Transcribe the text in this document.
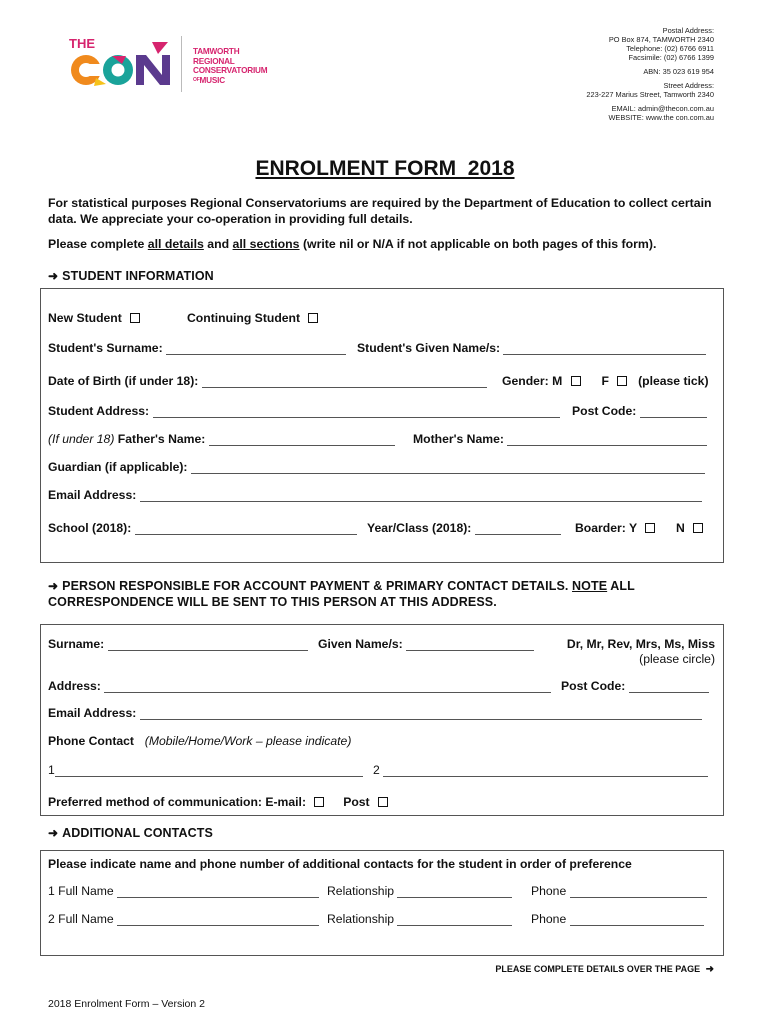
THE
TAMWORTH
REGIONAL
CONSERVATORIUM
OFMUSIC
Postal Address:
PO Box 874, TAMWORTH 2340
Telephone: (02) 6766 6911
Facsimile: (02) 6766 1399
ABN: 35 023 619 954
Street Address:
223-227 Marius Street, Tamworth 2340
EMAIL: admin@thecon.com.au
WEBSITE: www.the con.com.au
ENROLMENT FORM  2018
For statistical purposes Regional Conservatoriums are required by the Department of Education to collect certain data. We appreciate your co-operation in providing full details.
Please complete all details and all sections (write nil or N/A if not applicable on both pages of this form).
➜ STUDENT INFORMATION
New Student	Continuing Student
Student's Surname:	Student's Given Name/s:
Date of Birth (if under 18):	Gender: M	F (please tick)
Student Address:	Post Code:
(If under 18) Father's Name:	Mother's Name:
Guardian (if applicable):
Email Address:
School (2018):	Year/Class (2018):	Boarder: Y	N
➜ PERSON RESPONSIBLE FOR ACCOUNT PAYMENT & PRIMARY CONTACT DETAILS. NOTE ALL
CORRESPONDENCE WILL BE SENT TO THIS PERSON AT THIS ADDRESS.
Surname:	Given Name/s:	Dr, Mr, Rev, Mrs, Ms, Miss
(please circle)
Address:	Post Code:
Email Address:
Phone Contact (Mobile/Home/Work – please indicate)
1	2
Preferred method of communication: E-mail:	Post
➜ ADDITIONAL CONTACTS
Please indicate name and phone number of additional contacts for the student in order of preference
1 Full Name	Relationship	Phone
2 Full Name	Relationship	Phone
PLEASE COMPLETE DETAILS OVER THE PAGE ➜
2018 Enrolment Form – Version 2
